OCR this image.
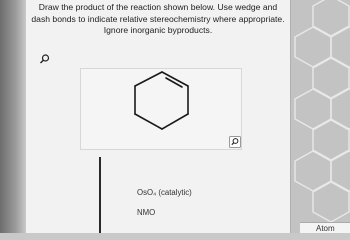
Draw the product of the reaction shown below. Use wedge and dash bonds to indicate relative stereochemistry where appropriate. Ignore inorganic byproducts.
OsO₄ (catalytic)
NMO
Atom
